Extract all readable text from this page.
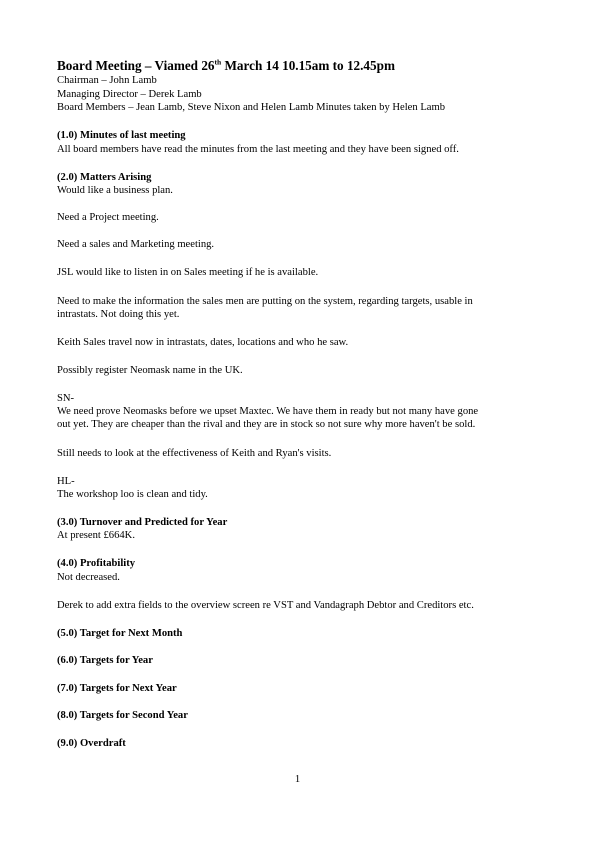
Board Meeting – Viamed 26th March 14 10.15am to 12.45pm
Chairman – John Lamb
Managing Director – Derek Lamb
Board Members – Jean Lamb, Steve Nixon and Helen Lamb Minutes taken by Helen Lamb
(1.0) Minutes of last meeting
All board members have read the minutes from the last meeting and they have been signed off.
(2.0) Matters Arising
Would like a business plan.
Need a Project meeting.
Need a sales and Marketing meeting.
JSL would like to listen in on Sales meeting if he is available.
Need to make the information the sales men are putting on the system, regarding targets, usable in
intrastats. Not doing this yet.
Keith Sales travel now in intrastats, dates, locations and who he saw.
Possibly register Neomask name in the UK.
SN-
We need prove Neomasks before we upset Maxtec. We have them in ready but not many have gone
out yet. They are cheaper than the rival and they are in stock so not sure why more haven't be sold.
Still needs to look at the effectiveness of Keith and Ryan's visits.
HL-
The workshop loo is clean and tidy.
(3.0) Turnover and Predicted for Year
At present £664K.
(4.0) Profitability
Not decreased.
Derek to add extra fields to the overview screen re VST and Vandagraph Debtor and Creditors etc.
(5.0) Target for Next Month
(6.0) Targets for Year
(7.0) Targets for Next Year
(8.0) Targets for Second Year
(9.0) Overdraft
1
